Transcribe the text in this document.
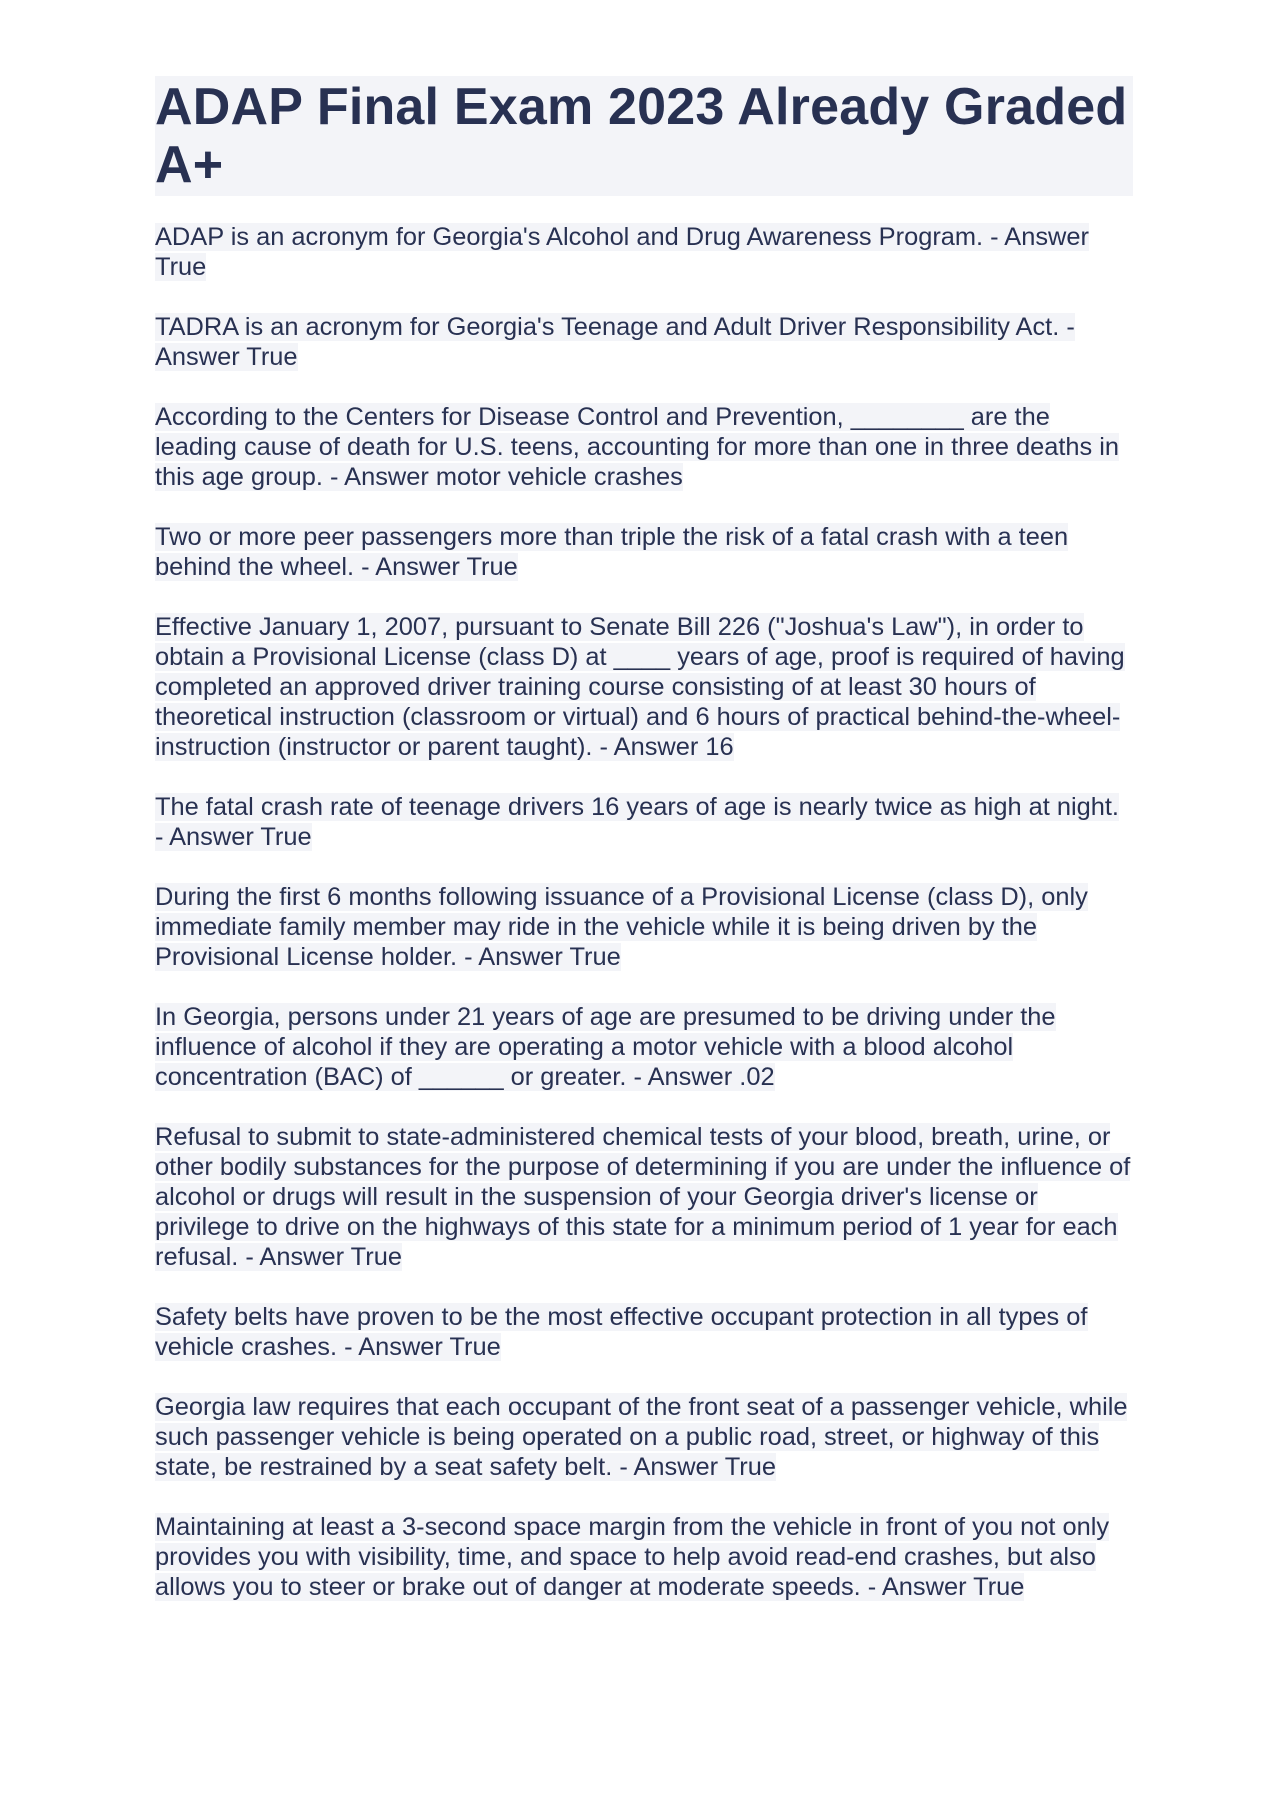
ADAP Final Exam 2023 Already Graded A+

ADAP is an acronym for Georgia's Alcohol and Drug Awareness Program. - Answer True

TADRA is an acronym for Georgia's Teenage and Adult Driver Responsibility Act. - Answer True

According to the Centers for Disease Control and Prevention, ________ are the leading cause of death for U.S. teens, accounting for more than one in three deaths in this age group. - Answer motor vehicle crashes

Two or more peer passengers more than triple the risk of a fatal crash with a teen behind the wheel. - Answer True

Effective January 1, 2007, pursuant to Senate Bill 226 ("Joshua's Law"), in order to obtain a Provisional License (class D) at ____ years of age, proof is required of having completed an approved driver training course consisting of at least 30 hours of theoretical instruction (classroom or virtual) and 6 hours of practical behind-the-wheel- instruction (instructor or parent taught). - Answer 16

The fatal crash rate of teenage drivers 16 years of age is nearly twice as high at night. - Answer True

During the first 6 months following issuance of a Provisional License (class D), only immediate family member may ride in the vehicle while it is being driven by the Provisional License holder. - Answer True

In Georgia, persons under 21 years of age are presumed to be driving under the influence of alcohol if they are operating a motor vehicle with a blood alcohol concentration (BAC) of ______ or greater. - Answer .02

Refusal to submit to state-administered chemical tests of your blood, breath, urine, or other bodily substances for the purpose of determining if you are under the influence of alcohol or drugs will result in the suspension of your Georgia driver's license or privilege to drive on the highways of this state for a minimum period of 1 year for each refusal. - Answer True

Safety belts have proven to be the most effective occupant protection in all types of vehicle crashes. - Answer True

Georgia law requires that each occupant of the front seat of a passenger vehicle, while such passenger vehicle is being operated on a public road, street, or highway of this state, be restrained by a seat safety belt. - Answer True

Maintaining at least a 3-second space margin from the vehicle in front of you not only provides you with visibility, time, and space to help avoid read-end crashes, but also allows you to steer or brake out of danger at moderate speeds. - Answer True
